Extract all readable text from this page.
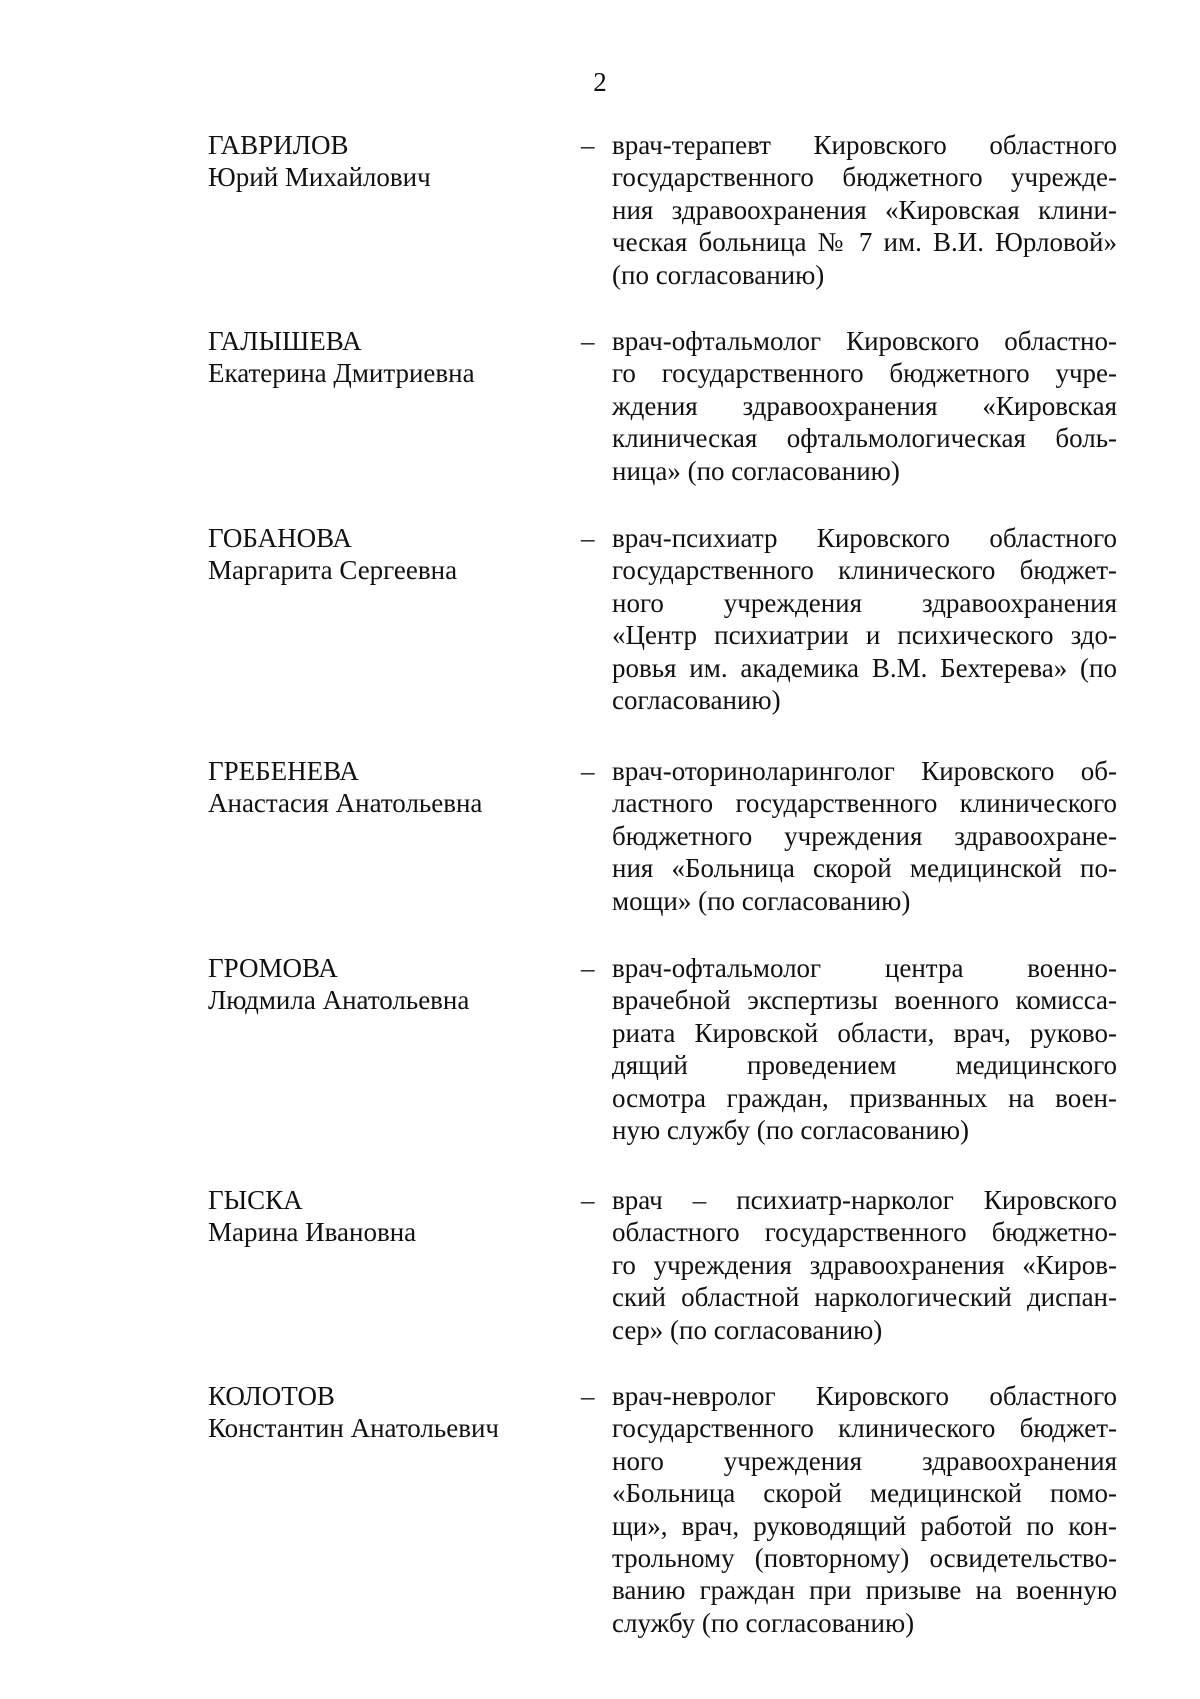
2
ГАВРИЛОВ
Юрий Михайлович
– врач-терапевт Кировского областного
государственного бюджетного учрежде-
ния здравоохранения «Кировская клини-
ческая больница № 7 им. В.И. Юрловой»
(по согласованию)
ГАЛЫШЕВА
Екатерина Дмитриевна
– врач-офтальмолог Кировского областно-
го государственного бюджетного учре-
ждения здравоохранения «Кировская
клиническая офтальмологическая боль-
ница» (по согласованию)
ГОБАНОВА
Маргарита Сергеевна
– врач-психиатр Кировского областного
государственного клинического бюджет-
ного учреждения здравоохранения
«Центр психиатрии и психического здо-
ровья им. академика В.М. Бехтерева» (по
согласованию)
ГРЕБЕНЕВА
Анастасия Анатольевна
– врач-оториноларинголог Кировского об-
ластного государственного клинического
бюджетного учреждения здравоохране-
ния «Больница скорой медицинской по-
мощи» (по согласованию)
ГРОМОВА
Людмила Анатольевна
– врач-офтальмолог центра военно-
врачебной экспертизы военного комисса-
риата Кировской области, врач, руково-
дящий проведением медицинского
осмотра граждан, призванных на воен-
ную службу (по согласованию)
ГЫСКА
Марина Ивановна
– врач – психиатр-нарколог Кировского
областного государственного бюджетно-
го учреждения здравоохранения «Киров-
ский областной наркологический диспан-
сер» (по согласованию)
КОЛОТОВ
Константин Анатольевич
– врач-невролог Кировского областного
государственного клинического бюджет-
ного учреждения здравоохранения
«Больница скорой медицинской помо-
щи», врач, руководящий работой по кон-
трольному (повторному) освидетельство-
ванию граждан при призыве на военную
службу (по согласованию)
